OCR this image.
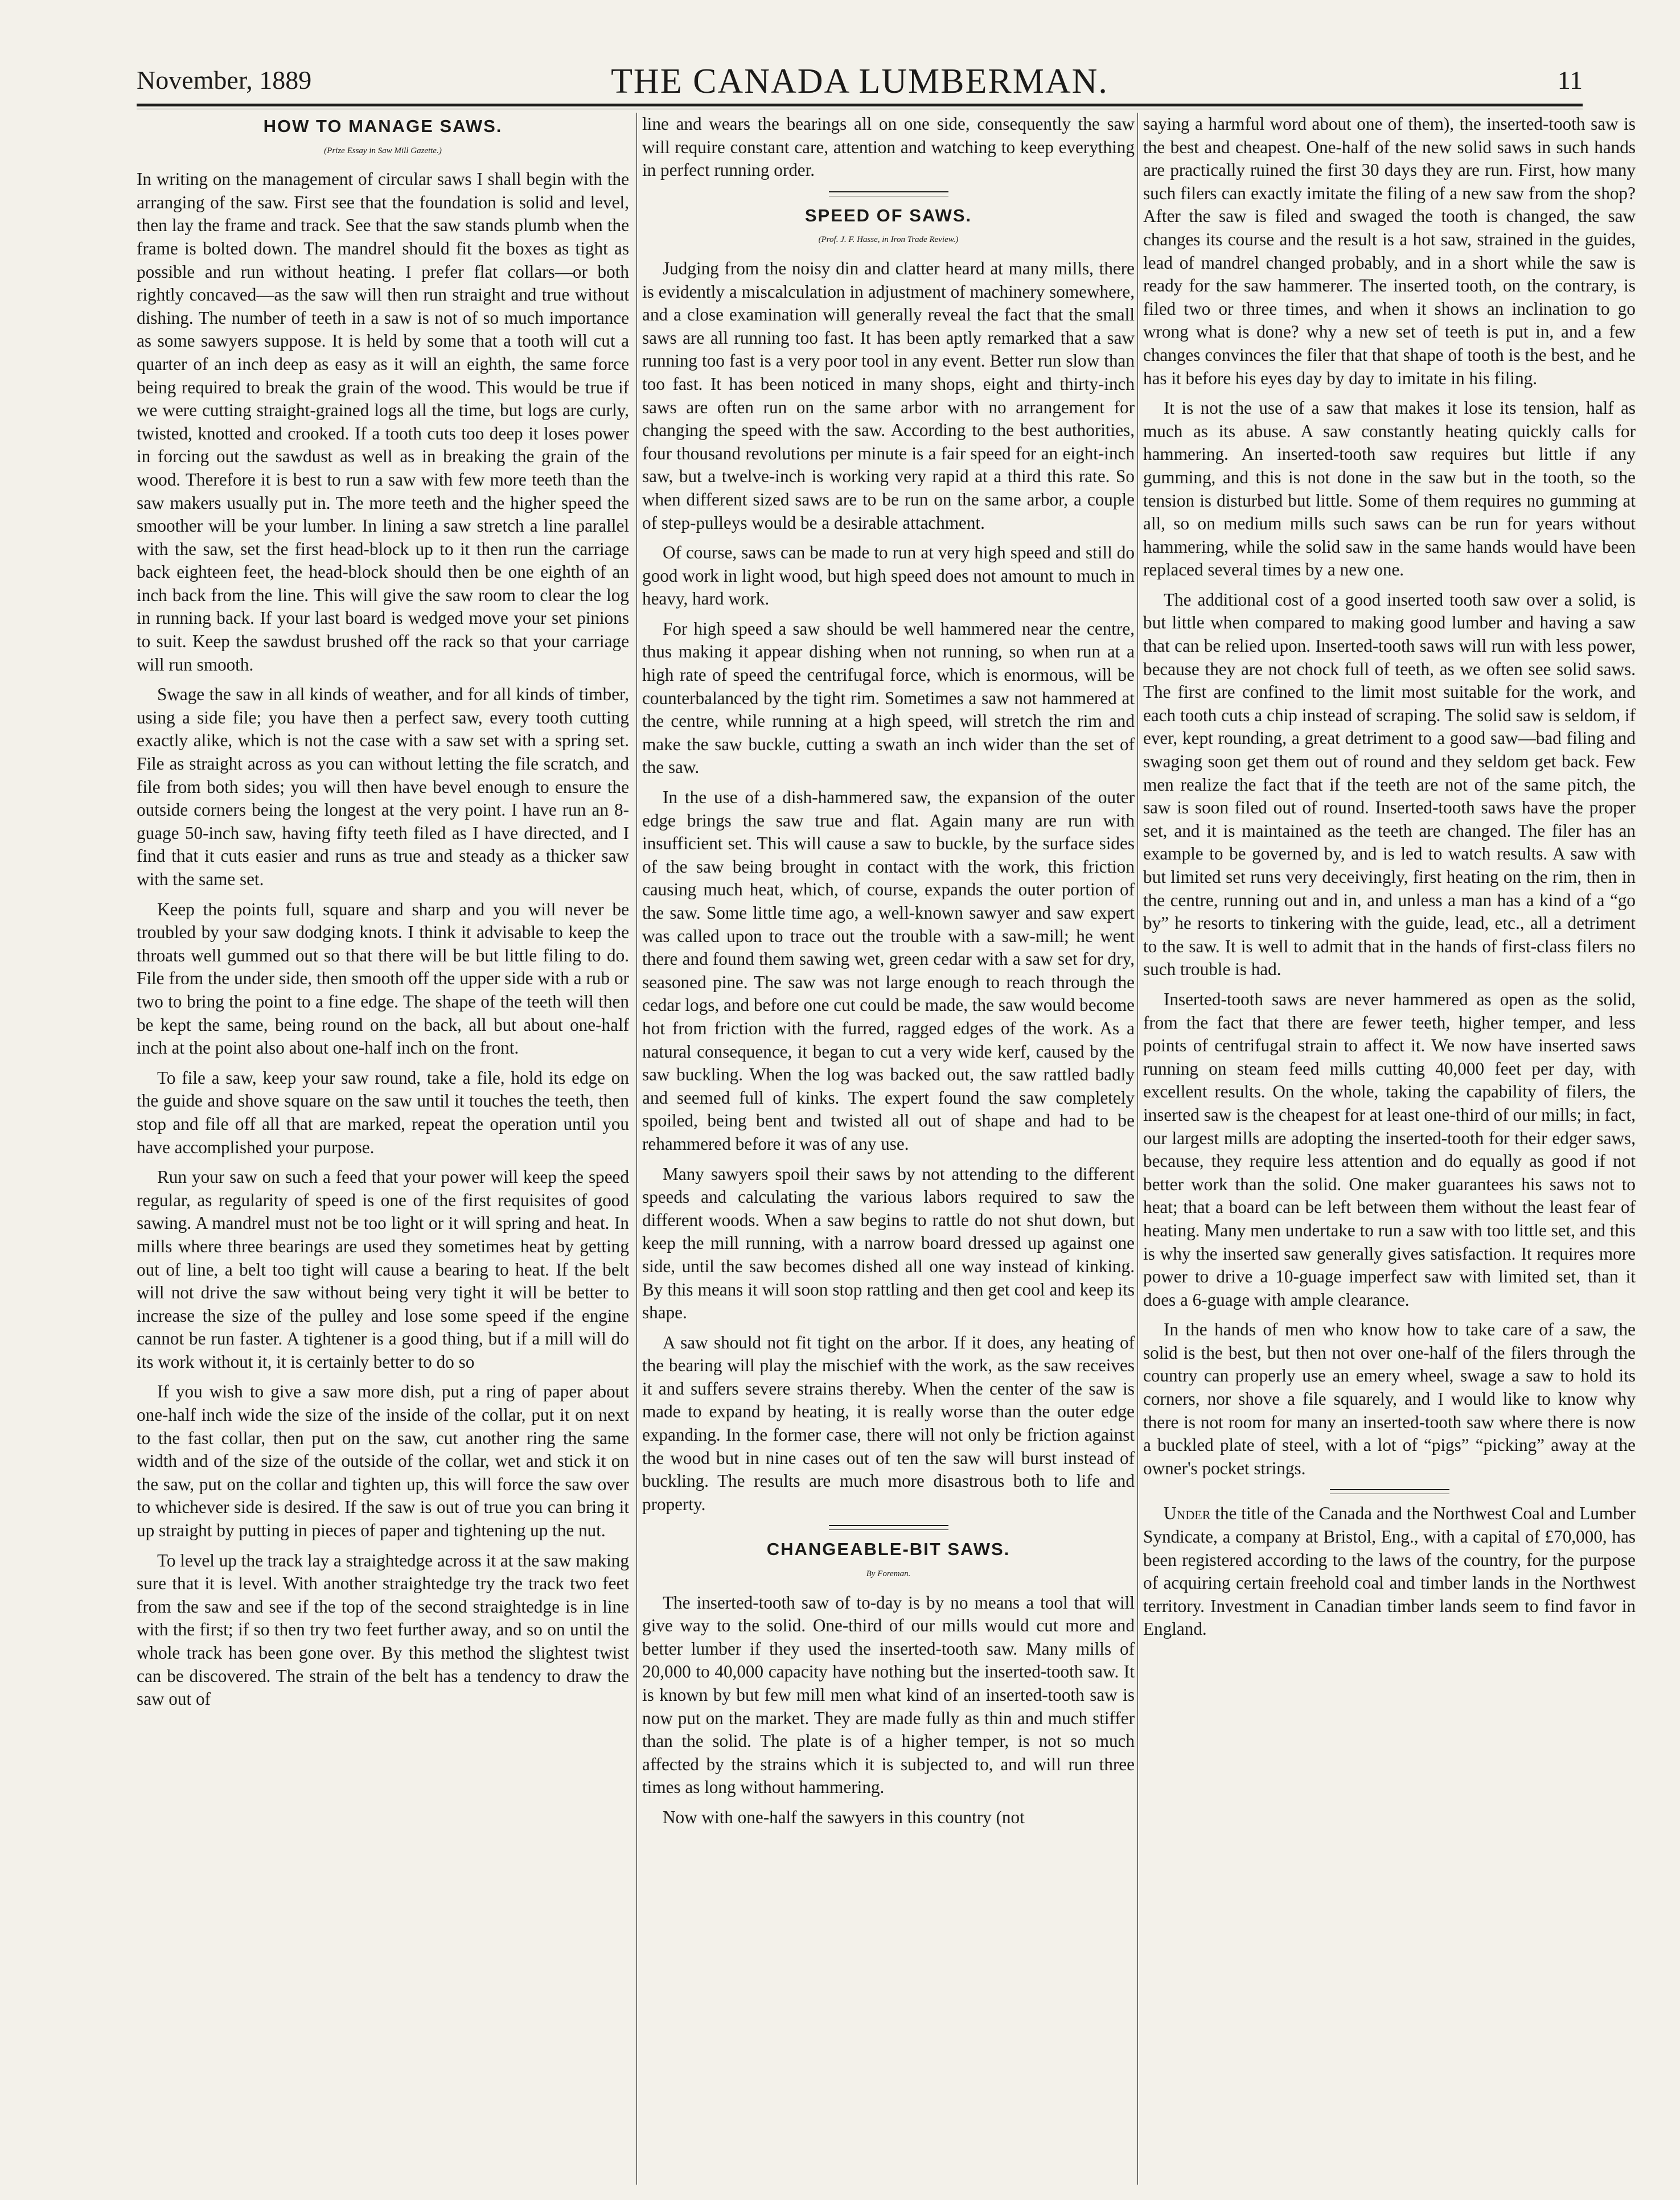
November, 1889	THE CANADA LUMBERMAN.	11
HOW TO MANAGE SAWS.
(Prize Essay in Saw Mill Gazette.)

In writing on the management of circular saws I shall begin with the arranging of the saw. First see that the foundation is solid and level, then lay the frame and track. See that the saw stands plumb when the frame is bolted down. The mandrel should fit the boxes as tight as possible and run without heating. I prefer flat collars—or both rightly concaved—as the saw will then run straight and true without dishing. The number of teeth in a saw is not of so much importance as some sawyers suppose. It is held by some that a tooth will cut a quarter of an inch deep as easy as it will an eighth, the same force being required to break the grain of the wood. This would be true if we were cutting straight-grained logs all the time, but logs are curly, twisted, knotted and crooked. If a tooth cuts too deep it loses power in forcing out the sawdust as well as in breaking the grain of the wood. Therefore it is best to run a saw with few more teeth than the saw makers usually put in. The more teeth and the higher speed the smoother will be your lumber. In lining a saw stretch a line parallel with the saw, set the first head-block up to it then run the carriage back eighteen feet, the head-block should then be one eighth of an inch back from the line. This will give the saw room to clear the log in running back. If your last board is wedged move your set pinions to suit. Keep the sawdust brushed off the rack so that your carriage will run smooth.

Swage the saw in all kinds of weather, and for all kinds of timber, using a side file; you have then a perfect saw, every tooth cutting exactly alike, which is not the case with a saw set with a spring set. File as straight across as you can without letting the file scratch, and file from both sides; you will then have bevel enough to ensure the outside corners being the longest at the very point. I have run an 8-guage 50-inch saw, having fifty teeth filed as I have directed, and I find that it cuts easier and runs as true and steady as a thicker saw with the same set.

Keep the points full, square and sharp and you will never be troubled by your saw dodging knots. I think it advisable to keep the throats well gummed out so that there will be but little filing to do. File from the under side, then smooth off the upper side with a rub or two to bring the point to a fine edge. The shape of the teeth will then be kept the same, being round on the back, all but about one-half inch at the point also about one-half inch on the front.

To file a saw, keep your saw round, take a file, hold its edge on the guide and shove square on the saw until it touches the teeth, then stop and file off all that are marked, repeat the operation until you have accomplished your purpose.

Run your saw on such a feed that your power will keep the speed regular, as regularity of speed is one of the first requisites of good sawing. A mandrel must not be too light or it will spring and heat. In mills where three bearings are used they sometimes heat by getting out of line, a belt too tight will cause a bearing to heat. If the belt will not drive the saw without being very tight it will be better to increase the size of the pulley and lose some speed if the engine cannot be run faster. A tightener is a good thing, but if a mill will do its work without it, it is certainly better to do so

If you wish to give a saw more dish, put a ring of paper about one-half inch wide the size of the inside of the collar, put it on next to the fast collar, then put on the saw, cut another ring the same width and of the size of the outside of the collar, wet and stick it on the saw, put on the collar and tighten up, this will force the saw over to whichever side is desired. If the saw is out of true you can bring it up straight by putting in pieces of paper and tightening up the nut.

To level up the track lay a straightedge across it at the saw making sure that it is level. With another straightedge try the track two feet from the saw and see if the top of the second straightedge is in line with the first; if so then try two feet further away, and so on until the whole track has been gone over. By this method the slightest twist can be discovered. The strain of the belt has a tendency to draw the saw out of

line and wears the bearings all on one side, consequently the saw will require constant care, attention and watching to keep everything in perfect running order.

SPEED OF SAWS.
(Prof. J. F. Hasse, in Iron Trade Review.)

Judging from the noisy din and clatter heard at many mills, there is evidently a miscalculation in adjustment of machinery somewhere, and a close examination will generally reveal the fact that the small saws are all running too fast. It has been aptly remarked that a saw running too fast is a very poor tool in any event. Better run slow than too fast. It has been noticed in many shops, eight and thirty-inch saws are often run on the same arbor with no arrangement for changing the speed with the saw. According to the best authorities, four thousand revolutions per minute is a fair speed for an eight-inch saw, but a twelve-inch is working very rapid at a third this rate. So when different sized saws are to be run on the same arbor, a couple of step-pulleys would be a desirable attachment.

Of course, saws can be made to run at very high speed and still do good work in light wood, but high speed does not amount to much in heavy, hard work.

For high speed a saw should be well hammered near the centre, thus making it appear dishing when not running, so when run at a high rate of speed the centrifugal force, which is enormous, will be counterbalanced by the tight rim. Sometimes a saw not hammered at the centre, while running at a high speed, will stretch the rim and make the saw buckle, cutting a swath an inch wider than the set of the saw.

In the use of a dish-hammered saw, the expansion of the outer edge brings the saw true and flat. Again many are run with insufficient set. This will cause a saw to buckle, by the surface sides of the saw being brought in contact with the work, this friction causing much heat, which, of course, expands the outer portion of the saw. Some little time ago, a well-known sawyer and saw expert was called upon to trace out the trouble with a saw-mill; he went there and found them sawing wet, green cedar with a saw set for dry, seasoned pine. The saw was not large enough to reach through the cedar logs, and before one cut could be made, the saw would become hot from friction with the furred, ragged edges of the work. As a natural consequence, it began to cut a very wide kerf, caused by the saw buckling. When the log was backed out, the saw rattled badly and seemed full of kinks. The expert found the saw completely spoiled, being bent and twisted all out of shape and had to be rehammered before it was of any use.

Many sawyers spoil their saws by not attending to the different speeds and calculating the various labors required to saw the different woods. When a saw begins to rattle do not shut down, but keep the mill running, with a narrow board dressed up against one side, until the saw becomes dished all one way instead of kinking. By this means it will soon stop rattling and then get cool and keep its shape.

A saw should not fit tight on the arbor. If it does, any heating of the bearing will play the mischief with the work, as the saw receives it and suffers severe strains thereby. When the center of the saw is made to expand by heating, it is really worse than the outer edge expanding. In the former case, there will not only be friction against the wood but in nine cases out of ten the saw will burst instead of buckling. The results are much more disastrous both to life and property.

CHANGEABLE-BIT SAWS.
By Foreman.

The inserted-tooth saw of to-day is by no means a tool that will give way to the solid. One-third of our mills would cut more and better lumber if they used the inserted-tooth saw. Many mills of 20,000 to 40,000 capacity have nothing but the inserted-tooth saw. It is known by but few mill men what kind of an inserted-tooth saw is now put on the market. They are made fully as thin and much stiffer than the solid. The plate is of a higher temper, is not so much affected by the strains which it is subjected to, and will run three times as long without hammering.

Now with one-half the sawyers in this country (not

saying a harmful word about one of them), the inserted-tooth saw is the best and cheapest. One-half of the new solid saws in such hands are practically ruined the first 30 days they are run. First, how many such filers can exactly imitate the filing of a new saw from the shop? After the saw is filed and swaged the tooth is changed, the saw changes its course and the result is a hot saw, strained in the guides, lead of mandrel changed probably, and in a short while the saw is ready for the saw hammerer. The inserted tooth, on the contrary, is filed two or three times, and when it shows an inclination to go wrong what is done? why a new set of teeth is put in, and a few changes convinces the filer that that shape of tooth is the best, and he has it before his eyes day by day to imitate in his filing.

It is not the use of a saw that makes it lose its tension, half as much as its abuse. A saw constantly heating quickly calls for hammering. An inserted-tooth saw requires but little if any gumming, and this is not done in the saw but in the tooth, so the tension is disturbed but little. Some of them requires no gumming at all, so on medium mills such saws can be run for years without hammering, while the solid saw in the same hands would have been replaced several times by a new one.

The additional cost of a good inserted tooth saw over a solid, is but little when compared to making good lumber and having a saw that can be relied upon. Inserted-tooth saws will run with less power, because they are not chock full of teeth, as we often see solid saws. The first are confined to the limit most suitable for the work, and each tooth cuts a chip instead of scraping. The solid saw is seldom, if ever, kept rounding, a great detriment to a good saw—bad filing and swaging soon get them out of round and they seldom get back. Few men realize the fact that if the teeth are not of the same pitch, the saw is soon filed out of round. Inserted-tooth saws have the proper set, and it is maintained as the teeth are changed. The filer has an example to be governed by, and is led to watch results. A saw with but limited set runs very deceivingly, first heating on the rim, then in the centre, running out and in, and unless a man has a kind of a “go by” he resorts to tinkering with the guide, lead, etc., all a detriment to the saw. It is well to admit that in the hands of first-class filers no such trouble is had.

Inserted-tooth saws are never hammered as open as the solid, from the fact that there are fewer teeth, higher temper, and less points of centrifugal strain to affect it. We now have inserted saws running on steam feed mills cutting 40,000 feet per day, with excellent results. On the whole, taking the capability of filers, the inserted saw is the cheapest for at least one-third of our mills; in fact, our largest mills are adopting the inserted-tooth for their edger saws, because, they require less attention and do equally as good if not better work than the solid. One maker guarantees his saws not to heat; that a board can be left between them without the least fear of heating. Many men undertake to run a saw with too little set, and this is why the inserted saw generally gives satisfaction. It requires more power to drive a 10-guage imperfect saw with limited set, than it does a 6-guage with ample clearance.

In the hands of men who know how to take care of a saw, the solid is the best, but then not over one-half of the filers through the country can properly use an emery wheel, swage a saw to hold its corners, nor shove a file squarely, and I would like to know why there is not room for many an inserted-tooth saw where there is now a buckled plate of steel, with a lot of “pigs” “picking” away at the owner's pocket strings.

Under the title of the Canada and the Northwest Coal and Lumber Syndicate, a company at Bristol, Eng., with a capital of £70,000, has been registered according to the laws of the country, for the purpose of acquiring certain freehold coal and timber lands in the Northwest territory. Investment in Canadian timber lands seem to find favor in England.
